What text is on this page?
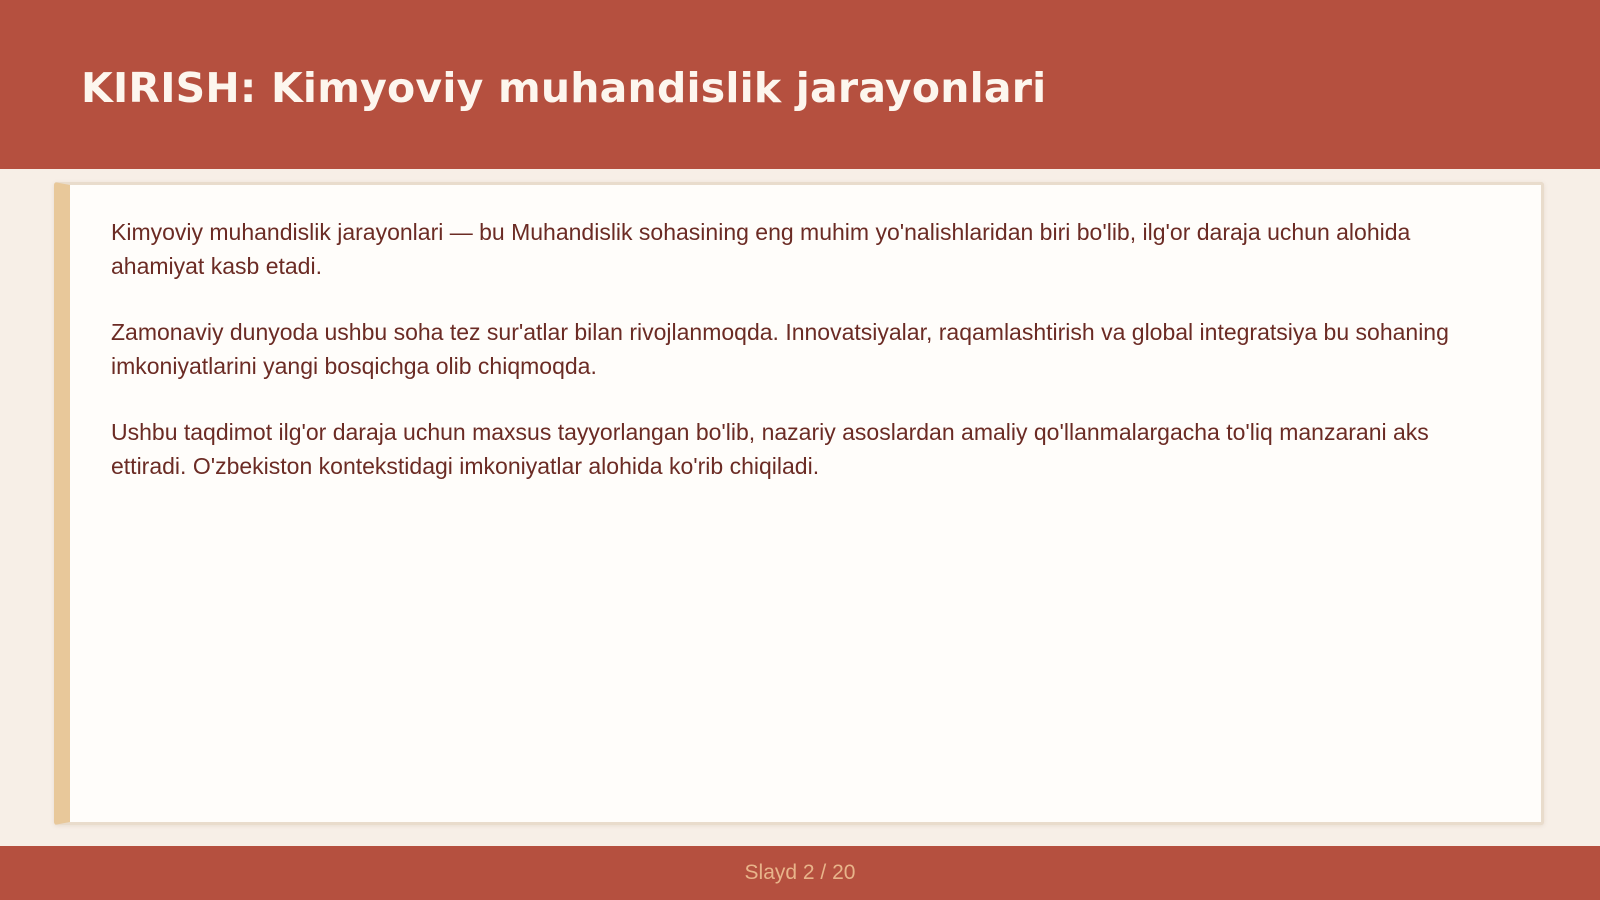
KIRISH: Kimyoviy muhandislik jarayonlari

Kimyoviy muhandislik jarayonlari — bu Muhandislik sohasining eng muhim yo'nalishlaridan biri bo'lib, ilg'or daraja uchun alohida ahamiyat kasb etadi.

Zamonaviy dunyoda ushbu soha tez sur'atlar bilan rivojlanmoqda. Innovatsiyalar, raqamlashtirish va global integratsiya bu sohaning imkoniyatlarini yangi bosqichga olib chiqmoqda.

Ushbu taqdimot ilg'or daraja uchun maxsus tayyorlangan bo'lib, nazariy asoslardan amaliy qo'llanmalargacha to'liq manzarani aks ettiradi. O'zbekiston kontekstidagi imkoniyatlar alohida ko'rib chiqiladi.

Slayd 2 / 20
